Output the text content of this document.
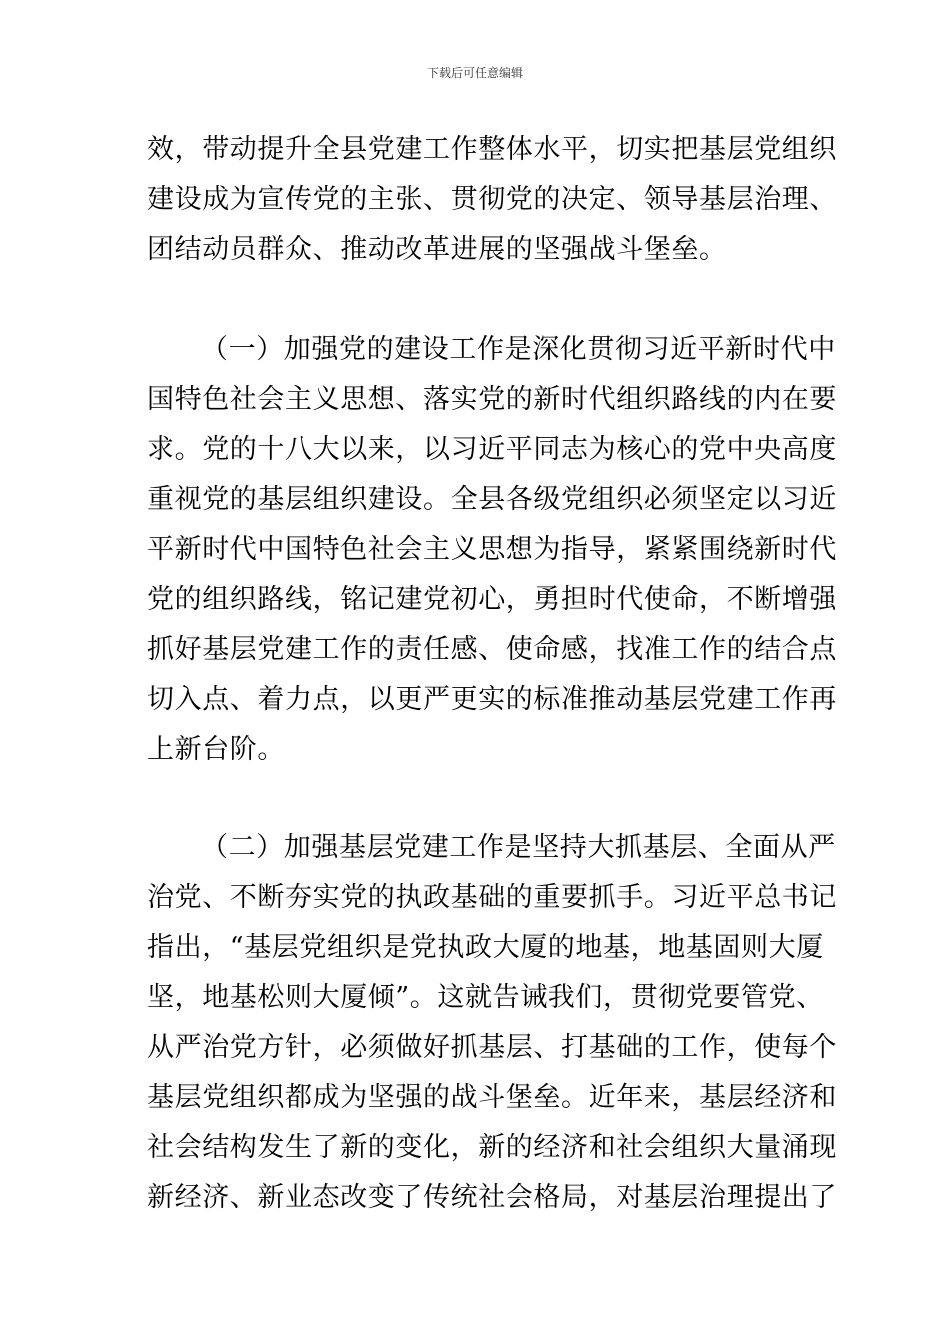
下载后可任意编辑
效，带动提升全县党建工作整体水平，切实把基层党组织
建设成为宣传党的主张、贯彻党的决定、领导基层治理、
团结动员群众、推动改革进展的坚强战斗堡垒。
（一）加强党的建设工作是深化贯彻习近平新时代中
国特色社会主义思想、落实党的新时代组织路线的内在要
求。党的十八大以来，以习近平同志为核心的党中央高度
重视党的基层组织建设。全县各级党组织必须坚定以习近
平新时代中国特色社会主义思想为指导，紧紧围绕新时代
党的组织路线，铭记建党初心，勇担时代使命，不断增强
抓好基层党建工作的责任感、使命感，找准工作的结合点
切入点、着力点，以更严更实的标准推动基层党建工作再
上新台阶。
（二）加强基层党建工作是坚持大抓基层、全面从严
治党、不断夯实党的执政基础的重要抓手。习近平总书记
指出，“基层党组织是党执政大厦的地基，地基固则大厦
坚，地基松则大厦倾”。这就告诫我们，贯彻党要管党、
从严治党方针，必须做好抓基层、打基础的工作，使每个
基层党组织都成为坚强的战斗堡垒。近年来，基层经济和
社会结构发生了新的变化，新的经济和社会组织大量涌现
新经济、新业态改变了传统社会格局，对基层治理提出了
